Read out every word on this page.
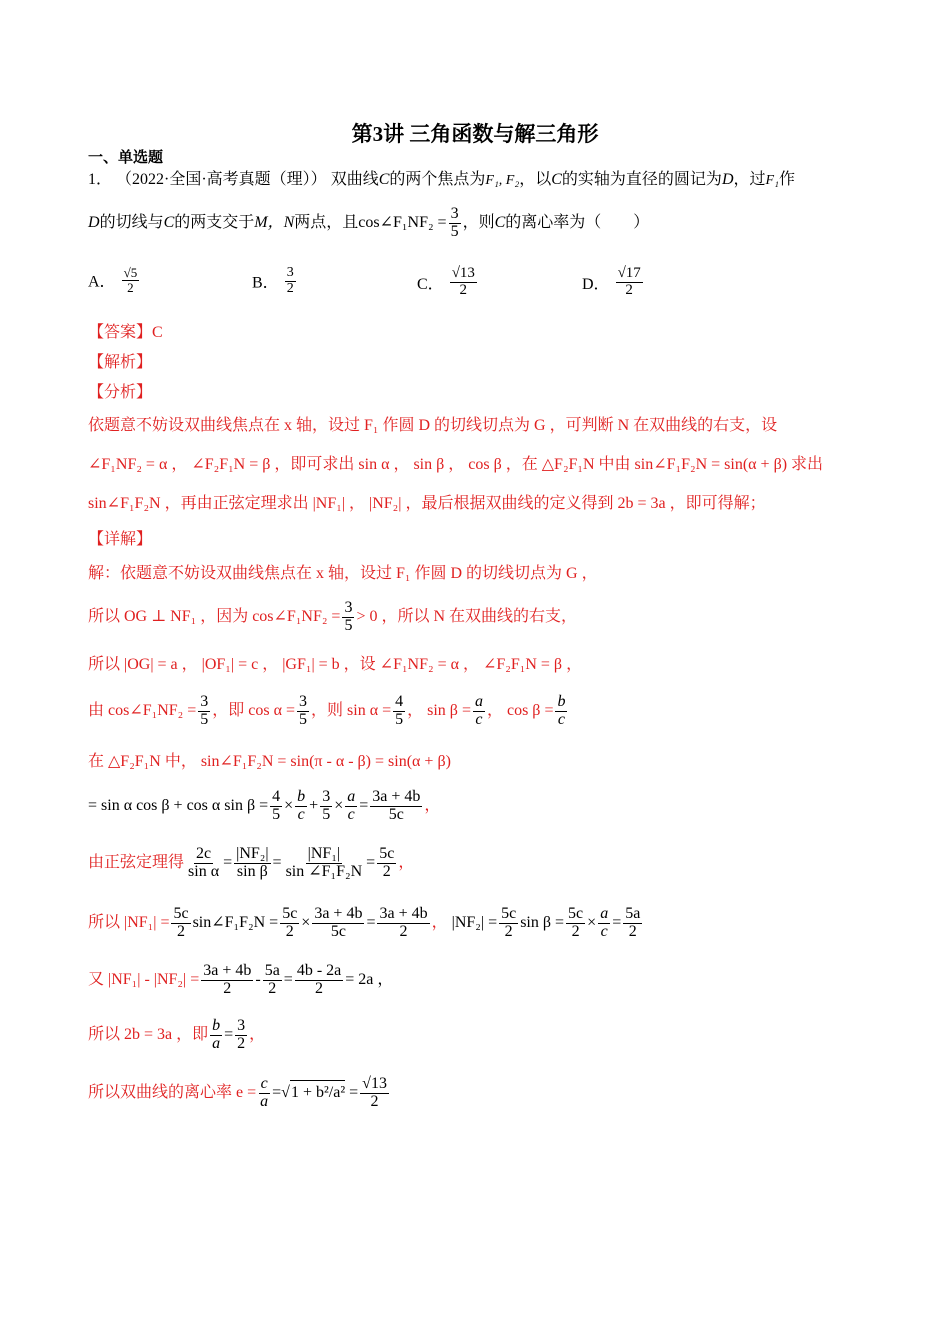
第3讲 三角函数与解三角形
一、单选题
1． （2022·全国·高考真题（理）） 双曲线C的两个焦点为F₁, F₂，以C的实轴为直径的圆记为D，过F₁作
D的切线与C的两支交于M，N两点，且cos∠F₁NF₂ = $\frac{3}{5}$ ，则C的离心率为（　　）
A． $\frac{√5}{2}$	B． $\frac{3}{2}$	C． $\frac{√13}{2}$	D． $\frac{√17}{2}$
【答案】C
【解析】
【分析】
依题意不妨设双曲线焦点在 x 轴，设过 F₁ 作圆 D 的切线切点为 G ，可判断 N 在双曲线的右支，设
∠F₁NF₂ = α ， ∠F₂F₁N = β ，即可求出 sin α ， sin β ， cos β ，在 △F₂F₁N 中由 sin∠F₁F₂N = sin(α + β) 求出
sin∠F₁F₂N ，再由正弦定理求出 |NF₁| ， |NF₂| ，最后根据双曲线的定义得到 2b = 3a ，即可得解；
【详解】
解：依题意不妨设双曲线焦点在 x 轴，设过 F₁ 作圆 D 的切线切点为 G ，
所以 OG ⊥ NF₁ ，因为 cos∠F₁NF₂ = $\frac{3}{5} > 0$ ，所以 N 在双曲线的右支，
所以 |OG| = a ， |OF₁| = c ， |GF₁| = b ，设 ∠F₁NF₂ = α ， ∠F₂F₁N = β ，
由 cos∠F₁NF₂ = $\frac{3}{5}$ ，即 $\cos \alpha = \frac{3}{5}$ ，则 $\sin \alpha = \frac{4}{5}$ ， $\sin \beta = \frac{a}{c}$ ， $\cos \beta = \frac{b}{c}$
在 △F₂F₁N 中， sin∠F₁F₂N = sin(π - α - β) = sin(α + β)
= sin α cos β + cos α $\sin \beta = \frac{4}{5} \times \frac{b}{c} + \frac{3}{5} \times \frac{a}{c} = \frac{3a + 4b}{5c}$ ，
由正弦定理得 $\frac{2c}{\text{sin α}} = \frac{\text{|NF₂|}}{\text{sin β}} = \frac{\text{|NF₁|}}{\text{sin ∠F₁F₂N}} = \frac{5c}{2}$ ，
所以 $|NF_1| = \frac{5c}{2}$ sin∠F₁F₂N = $\frac{5c}{2} \times \frac{3a + 4b}{5c} = \frac{3a + 4b}{2}$ ， $|NF_2| = \frac{5c}{2}$ $\sin \beta = \frac{5c}{2} \times \frac{a}{c} = \frac{5a}{2}$
又 $|NF_1| - |NF_2| = \frac{3a + 4b}{2} - \frac{5a}{2} = \frac{4b - 2a}{2} = 2a$ ，
所以 2b = 3a ，即 $\frac{b}{a} = \frac{3}{2}$ ，
所以双曲线的离心率 $e = \frac{c}{a} =√1 + b^2/a^2 = \frac{√13}{2}$
